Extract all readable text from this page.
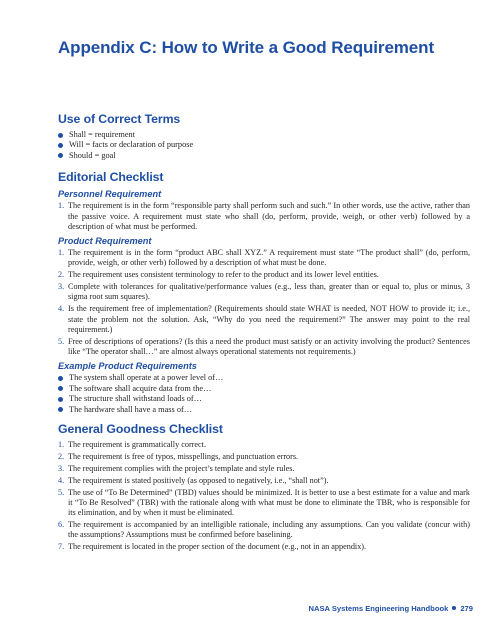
Appendix C: How to Write a Good Requirement
Use of Correct Terms
Shall = requirement
Will = facts or declaration of purpose
Should = goal
Editorial Checklist
Personnel Requirement
1. The requirement is in the form “responsible party shall perform such and such.” In other words, use the active, rather than the passive voice. A requirement must state who shall (do, perform, provide, weigh, or other verb) followed by a description of what must be performed.
Product Requirement
1. The requirement is in the form “product ABC shall XYZ.” A requirement must state “The product shall” (do, perform, provide, weigh, or other verb) followed by a description of what must be done.
2. The requirement uses consistent terminology to refer to the product and its lower level entities.
3. Complete with tolerances for qualitative/performance values (e.g., less than, greater than or equal to, plus or minus, 3 sigma root sum squares).
4. Is the requirement free of implementation? (Requirements should state WHAT is needed, NOT HOW to provide it; i.e., state the problem not the solution. Ask, “Why do you need the requirement?” The answer may point to the real requirement.)
5. Free of descriptions of operations? (Is this a need the product must satisfy or an activity involving the product? Sentences like “The operator shall…” are almost always operational statements not requirements.)
Example Product Requirements
The system shall operate at a power level of…
The software shall acquire data from the…
The structure shall withstand loads of…
The hardware shall have a mass of…
General Goodness Checklist
1. The requirement is grammatically correct.
2. The requirement is free of typos, misspellings, and punctuation errors.
3. The requirement complies with the project’s template and style rules.
4. The requirement is stated positively (as opposed to negatively, i.e., “shall not”).
5. The use of “To Be Determined” (TBD) values should be minimized. It is better to use a best estimate for a value and mark it “To Be Resolved” (TBR) with the rationale along with what must be done to eliminate the TBR, who is responsible for its elimination, and by when it must be eliminated.
6. The requirement is accompanied by an intelligible rationale, including any assumptions. Can you validate (concur with) the assumptions? Assumptions must be confirmed before baselining.
7. The requirement is located in the proper section of the document (e.g., not in an appendix).
NASA Systems Engineering Handbook 279
